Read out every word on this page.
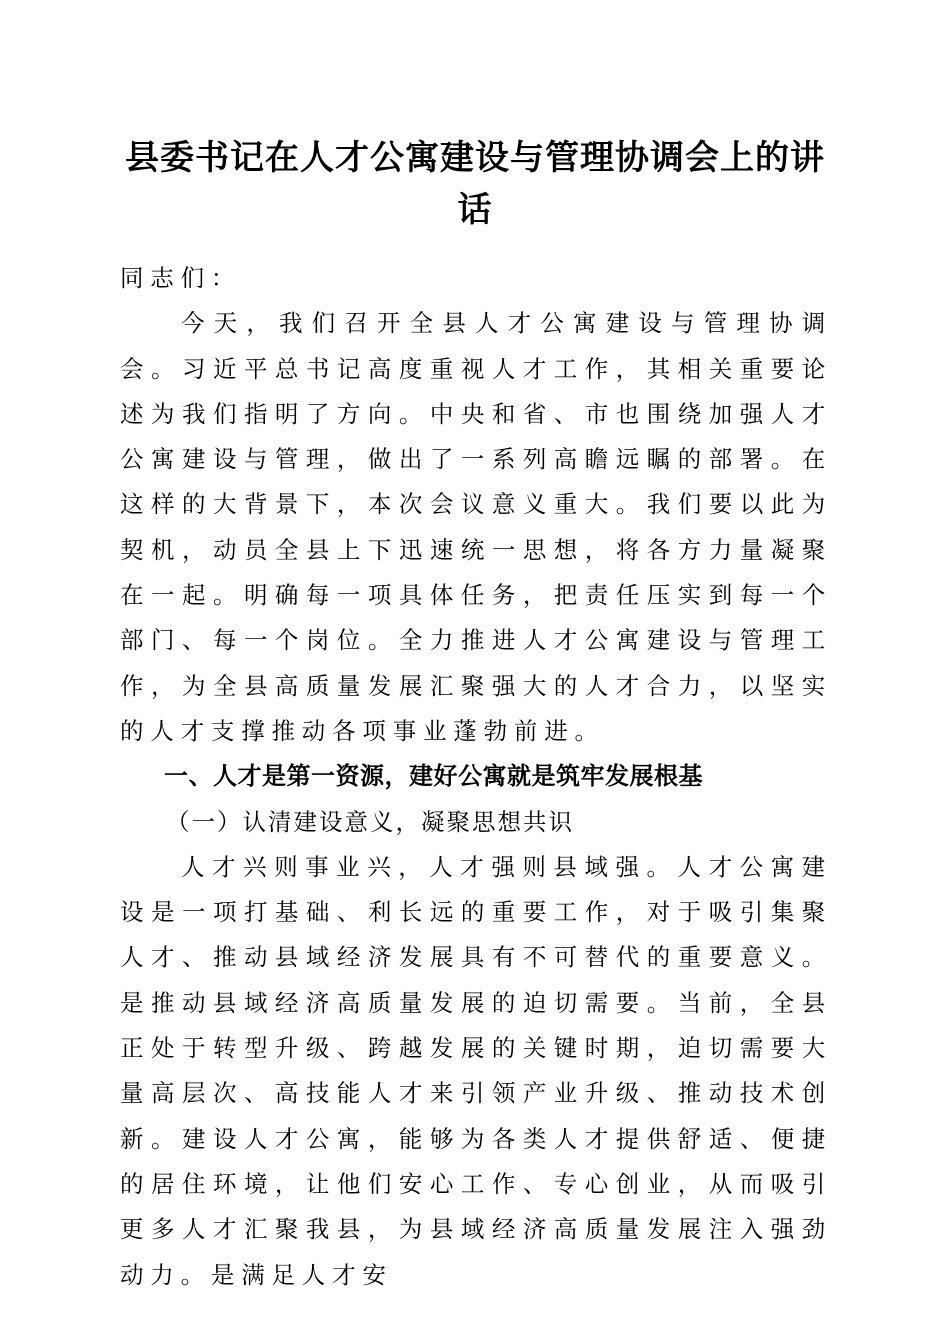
县委书记在人才公寓建设与管理协调会上的讲话

同志们：

今天，我们召开全县人才公寓建设与管理协调会。习近平总书记高度重视人才工作，其相关重要论述为我们指明了方向。中央和省、市也围绕加强人才公寓建设与管理，做出了一系列高瞻远瞩的部署。在这样的大背景下，本次会议意义重大。我们要以此为契机，动员全县上下迅速统一思想，将各方力量凝聚在一起。明确每一项具体任务，把责任压实到每一个部门、每一个岗位。全力推进人才公寓建设与管理工作，为全县高质量发展汇聚强大的人才合力，以坚实的人才支撑推动各项事业蓬勃前进。

一、人才是第一资源，建好公寓就是筑牢发展根基

（一）认清建设意义，凝聚思想共识

人才兴则事业兴，人才强则县域强。人才公寓建设是一项打基础、利长远的重要工作，对于吸引集聚人才、推动县域经济发展具有不可替代的重要意义。是推动县域经济高质量发展的迫切需要。当前，全县正处于转型升级、跨越发展的关键时期，迫切需要大量高层次、高技能人才来引领产业升级、推动技术创新。建设人才公寓，能够为各类人才提供舒适、便捷的居住环境，让他们安心工作、专心创业，从而吸引更多人才汇聚我县，为县域经济高质量发展注入强劲动力。是满足人才安
